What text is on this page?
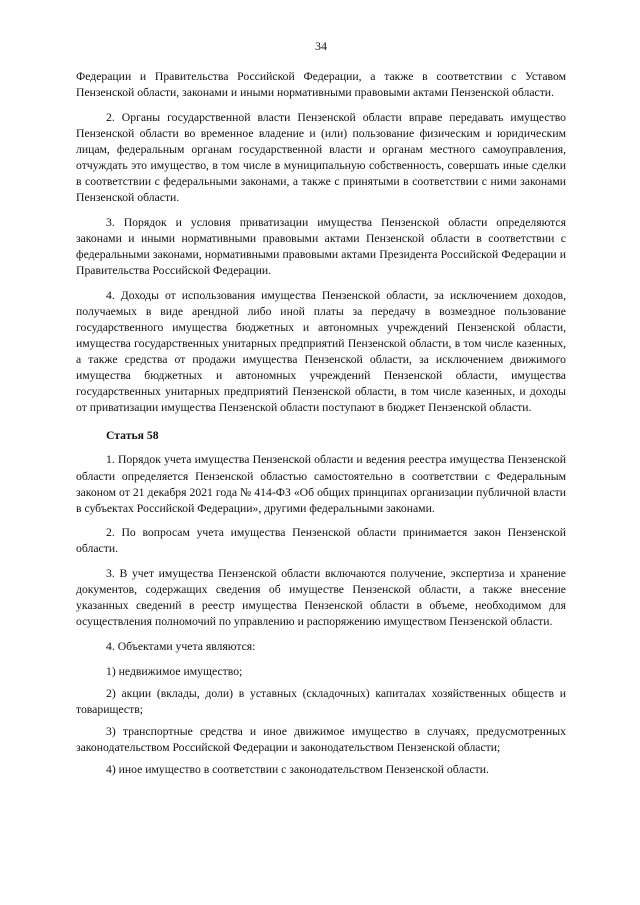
34

Федерации и Правительства Российской Федерации, а также в соответствии с Уставом Пензенской области, законами и иными нормативными правовыми актами Пензенской области.

2. Органы государственной власти Пензенской области вправе передавать имущество Пензенской области во временное владение и (или) пользование физическим и юридическим лицам, федеральным органам государственной власти и органам местного самоуправления, отчуждать это имущество, в том числе в муниципальную собственность, совершать иные сделки в соответствии с федеральными законами, а также с принятыми в соответствии с ними законами Пензенской области.

3. Порядок и условия приватизации имущества Пензенской области определяются законами и иными нормативными правовыми актами Пензенской области в соответствии с федеральными законами, нормативными правовыми актами Президента Российской Федерации и Правительства Российской Федерации.

4. Доходы от использования имущества Пензенской области, за исключением доходов, получаемых в виде арендной либо иной платы за передачу в возмездное пользование государственного имущества бюджетных и автономных учреждений Пензенской области, имущества государственных унитарных предприятий Пензенской области, в том числе казенных, а также средства от продажи имущества Пензенской области, за исключением движимого имущества бюджетных и автономных учреждений Пензенской области, имущества государственных унитарных предприятий Пензенской области, в том числе казенных, и доходы от приватизации имущества Пензенской области поступают в бюджет Пензенской области.

Статья 58

1. Порядок учета имущества Пензенской области и ведения реестра имущества Пензенской области определяется Пензенской областью самостоятельно в соответствии с Федеральным законом от 21 декабря 2021 года № 414-ФЗ «Об общих принципах организации публичной власти в субъектах Российской Федерации», другими федеральными законами.

2. По вопросам учета имущества Пензенской области принимается закон Пензенской области.

3. В учет имущества Пензенской области включаются получение, экспертиза и хранение документов, содержащих сведения об имуществе Пензенской области, а также внесение указанных сведений в реестр имущества Пензенской области в объеме, необходимом для осуществления полномочий по управлению и распоряжению имуществом Пензенской области.

4. Объектами учета являются:

1) недвижимое имущество;

2) акции (вклады, доли) в уставных (складочных) капиталах хозяйственных обществ и товариществ;

3) транспортные средства и иное движимое имущество в случаях, предусмотренных законодательством Российской Федерации и законодательством Пензенской области;

4) иное имущество в соответствии с законодательством Пензенской области.
